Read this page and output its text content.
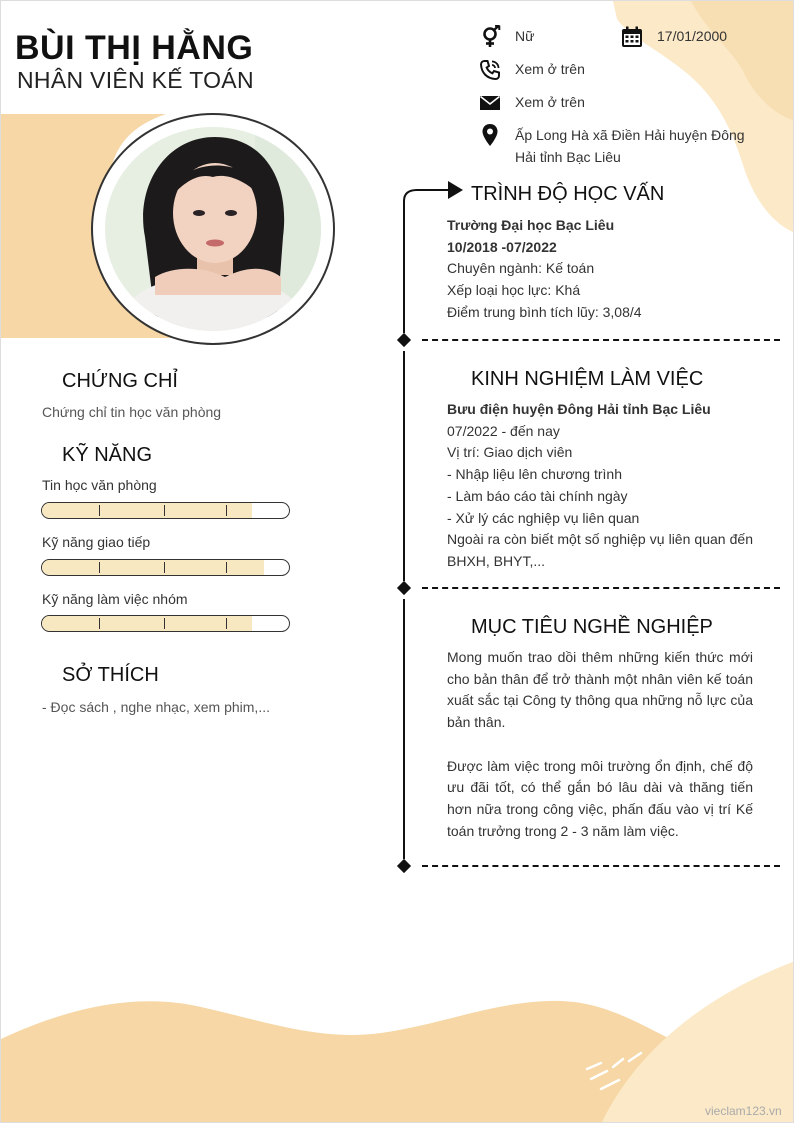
BÙI THỊ HẰNG
NHÂN VIÊN KẾ TOÁN
Nữ	17/01/2000
Xem ở trên
Xem ở trên
Ấp Long Hà xã Điền Hải huyện Đông Hải tỉnh Bạc Liêu
CHỨNG CHỈ
Chứng chỉ tin học văn phòng
KỸ NĂNG
Tin học văn phòng
Kỹ năng giao tiếp
Kỹ năng làm việc nhóm
SỞ THÍCH
- Đọc sách , nghe nhạc, xem phim,...
TRÌNH ĐỘ HỌC VẤN
Trường Đại học Bạc Liêu
10/2018 -07/2022
Chuyên ngành: Kế toán
Xếp loại học lực: Khá
Điểm trung bình tích lũy: 3,08/4
KINH NGHIỆM LÀM VIỆC
Bưu điện huyện Đông Hải tỉnh Bạc Liêu
07/2022 - đến nay
Vị trí: Giao dịch viên
- Nhập liệu lên chương trình
- Làm báo cáo tài chính ngày
- Xử lý các nghiệp vụ liên quan
Ngoài ra còn biết một số nghiệp vụ liên quan đến BHXH, BHYT,...
MỤC TIÊU NGHỀ NGHIỆP
Mong muốn trao dồi thêm những kiến thức mới cho bản thân để trở thành một nhân viên kế toán xuất sắc tại Công ty thông qua những nỗ lực của bản thân.
Được làm việc trong môi trường ổn định, chế độ ưu đãi tốt, có thể gắn bó lâu dài và thăng tiến hơn nữa trong công việc, phấn đấu vào vị trí Kế toán trưởng trong 2 - 3 năm làm việc.
vieclam123.vn
